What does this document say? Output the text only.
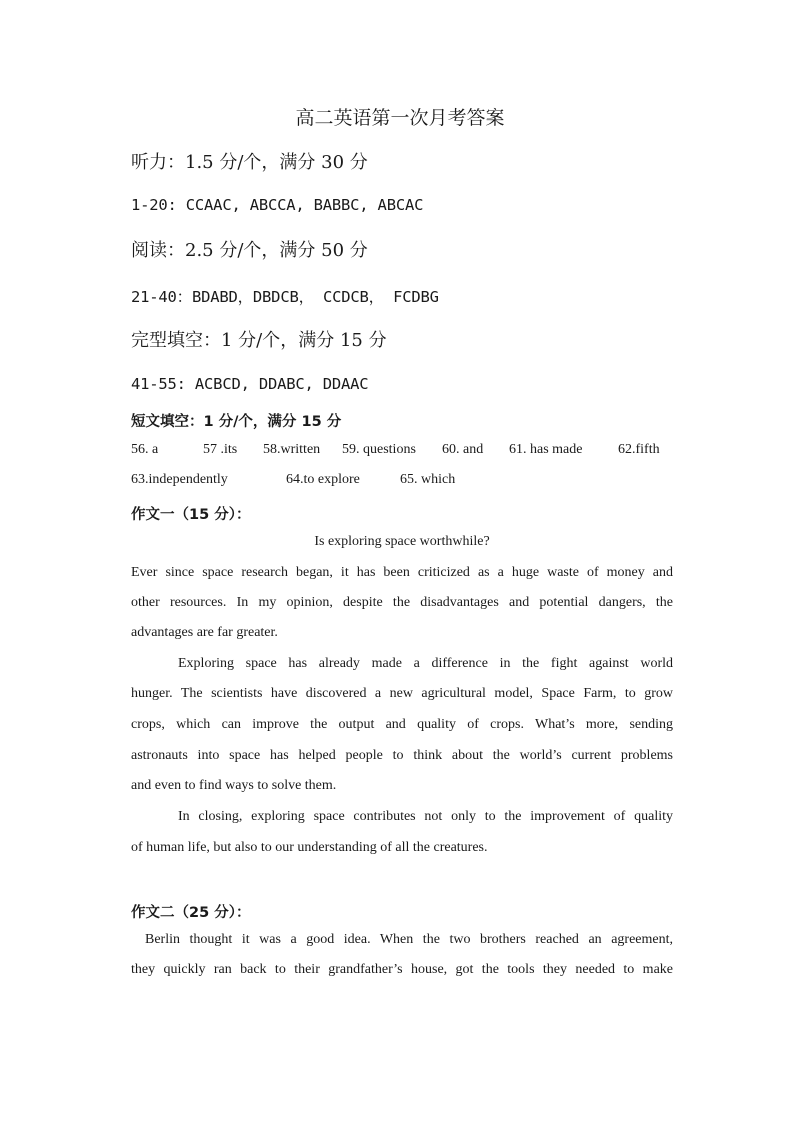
高二英语第一次月考答案
听力：1.5 分/个，满分 30 分
1-20: CCAAC, ABCCA, BABBC, ABCAC
阅读：2.5 分/个，满分 50 分
21-40：BDABD，DBDCB， CCDCB， FCDBG
完型填空：1 分/个，满分 15 分
41-55: ACBCD, DDABC, DDAAC
短文填空：1 分/个，满分 15 分
56. a	57 .its 58.written 59. questions 60. and 61. has made	62.fifth
63.independently	64.to explore	65. which
作文一（15 分）：
Is exploring space worthwhile?
Ever since space research began, it has been criticized as a huge waste of money and
other resources. In my opinion, despite the disadvantages and potential dangers, the
advantages are far greater.
Exploring space has already made a difference in the fight against world
hunger. The scientists have discovered a new agricultural model, Space Farm, to grow
crops, which can improve the output and quality of crops. What’s more, sending
astronauts into space has helped people to think about the world’s current problems
and even to find ways to solve them.
In closing, exploring space contributes not only to the improvement of quality
of human life, but also to our understanding of all the creatures.
作文二（25 分）：
Berlin thought it was a good idea. When the two brothers reached an agreement,
they quickly ran back to their grandfather’s house, got the tools they needed to make
